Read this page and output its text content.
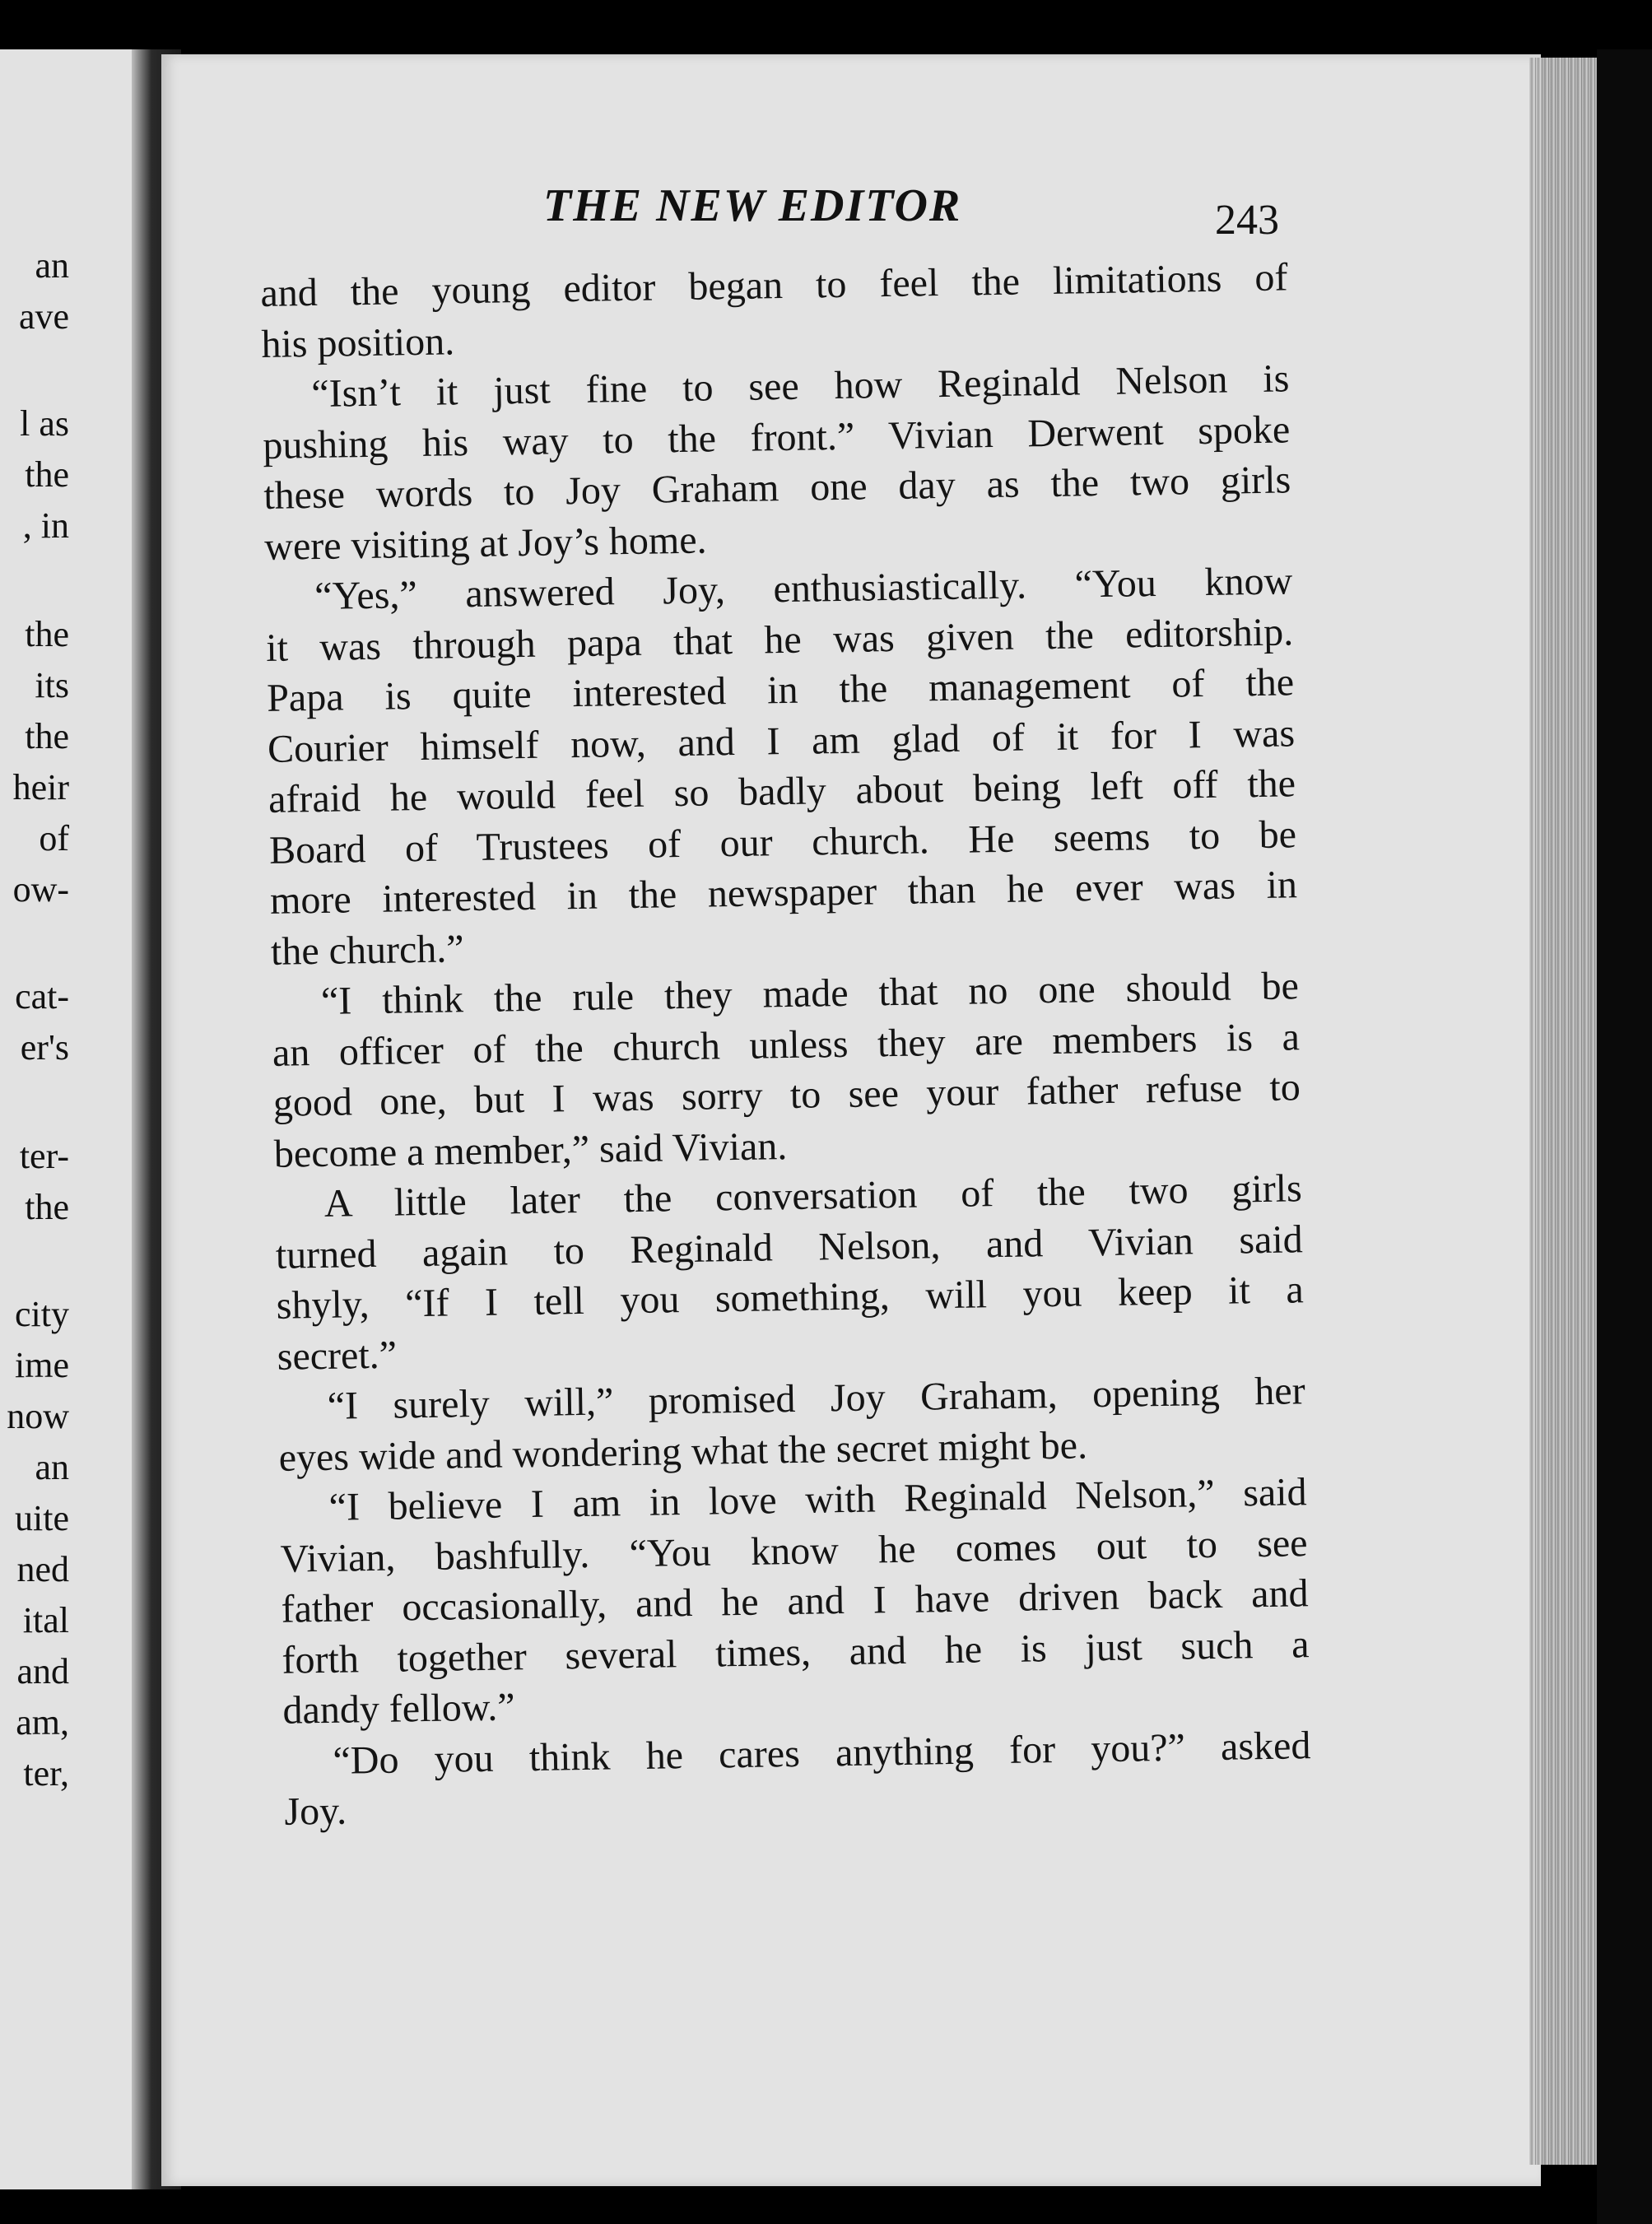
an
ave
l as
the
, in
the
its
the
heir
of
ow-
cat-
er's
ter-
the
city
ime
now
an
uite
ned
ital
and
am,
ter,
THE NEW EDITOR	243

and the young editor began to feel the limitations of
his position.

“Isn’t it just fine to see how Reginald Nelson is
pushing his way to the front.” Vivian Derwent spoke
these words to Joy Graham one day as the two girls
were visiting at Joy’s home.

“Yes,” answered Joy, enthusiastically. “You know
it was through papa that he was given the editorship.
Papa is quite interested in the management of the
Courier himself now, and I am glad of it for I was
afraid he would feel so badly about being left off the
Board of Trustees of our church. He seems to be
more interested in the newspaper than he ever was in
the church.”

“I think the rule they made that no one should be
an officer of the church unless they are members is a
good one, but I was sorry to see your father refuse to
become a member,” said Vivian.

A little later the conversation of the two girls
turned again to Reginald Nelson, and Vivian said
shyly, “If I tell you something, will you keep it a
secret.”

“I surely will,” promised Joy Graham, opening her
eyes wide and wondering what the secret might be.

“I believe I am in love with Reginald Nelson,” said
Vivian, bashfully. “You know he comes out to see
father occasionally, and he and I have driven back and
forth together several times, and he is just such a
dandy fellow.”

“Do you think he cares anything for you?” asked
Joy.
